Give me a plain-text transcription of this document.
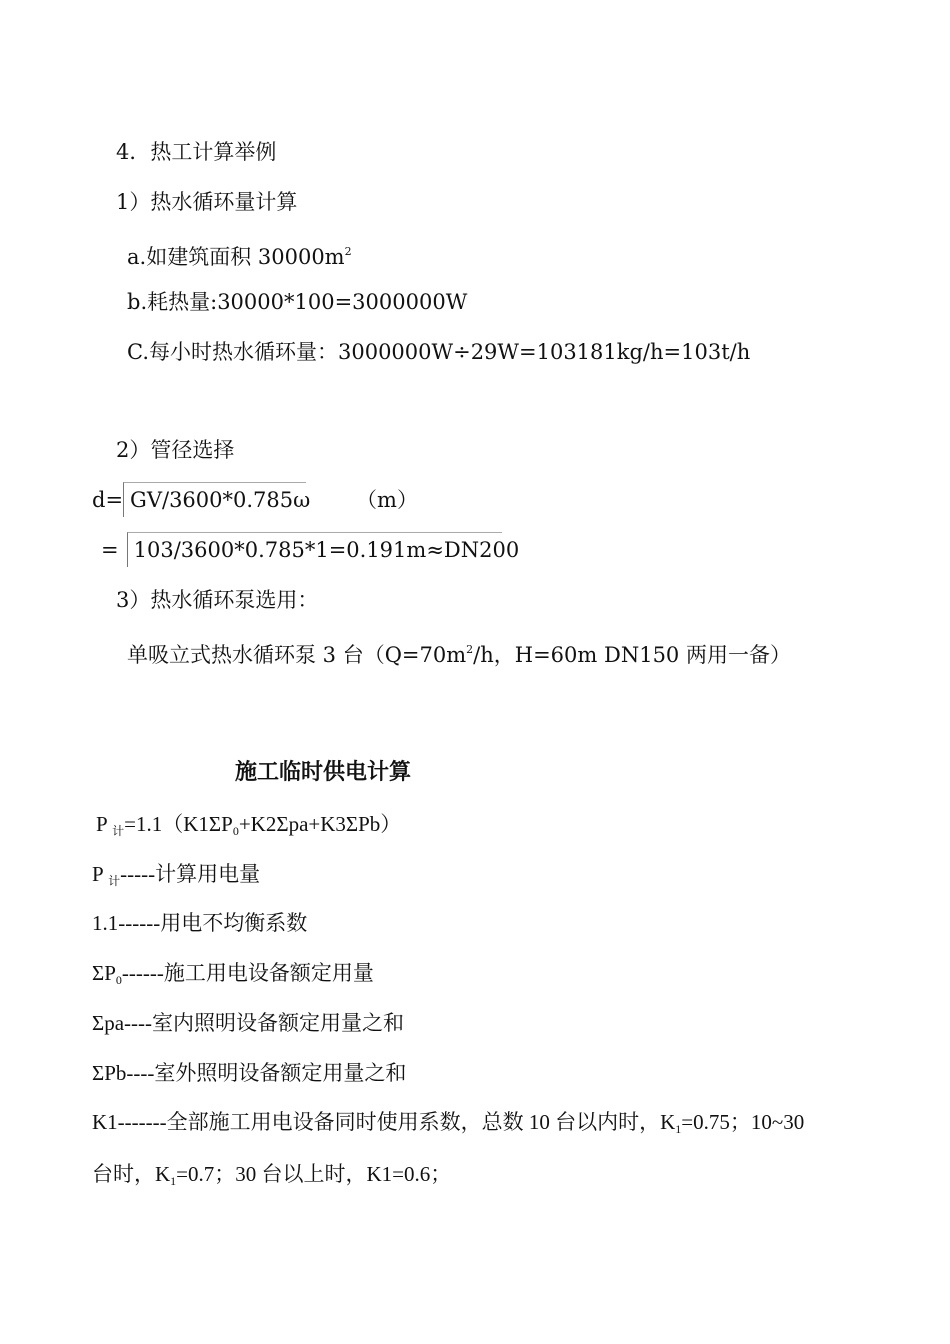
4．热工计算举例
1）热水循环量计算
a.如建筑面积 $30000m^2$
b.耗热量:30000*100=3000000W
C.每小时热水循环量：3000000W÷29W=103181kg/h=103t/h
2）管径选择
d= GV/3600*0.785ω （m）
= 103/3600*0.785*1=0.191m≈DN200
3）热水循环泵选用：
单吸立式热水循环泵 3 台（$Q=70m^2/h$，H=60m DN150 两用一备）
施工临时供电计算
P $_计=1.1(K1\Sigma P_0+K2\Sigma pa+K3\Sigma Pb)$
P $_计$-----计算用电量
1.1------用电不均衡系数
$\Sigma P_0------$施工用电设备额定用量
Σpa----室内照明设备额定用量之和
ΣPb----室外照明设备额定用量之和
K1-------全部施工用电设备同时使用系数，总数 10 台以内时，$K_1=0.75$；10~30
台时，$K_1=0.7$；30 台以上时，K1=0.6；
